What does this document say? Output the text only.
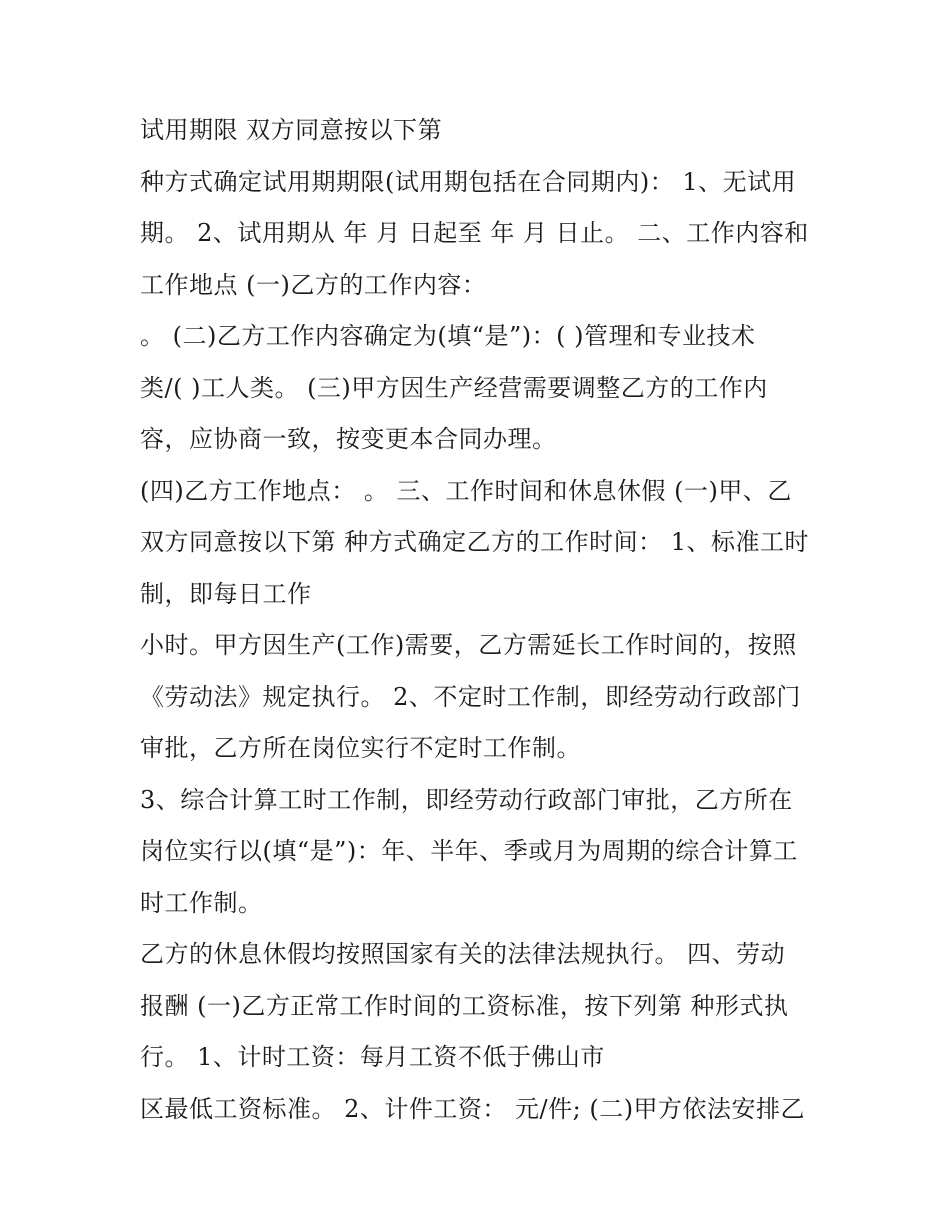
试用期限 双方同意按以下第
种方式确定试用期期限(试用期包括在合同期内)： 1、无试用
期。 2、试用期从 年 月 日起至 年 月 日止。 二、工作内容和
工作地点 (一)乙方的工作内容：
。 (二)乙方工作内容确定为(填“是”)：( )管理和专业技术
类/( )工人类。 (三)甲方因生产经营需要调整乙方的工作内
容，应协商一致，按变更本合同办理。
(四)乙方工作地点： 。 三、工作时间和休息休假 (一)甲、乙
双方同意按以下第 种方式确定乙方的工作时间： 1、标准工时
制，即每日工作
小时。甲方因生产(工作)需要，乙方需延长工作时间的，按照
《劳动法》规定执行。 2、不定时工作制，即经劳动行政部门
审批，乙方所在岗位实行不定时工作制。
3、综合计算工时工作制，即经劳动行政部门审批，乙方所在
岗位实行以(填“是”)：年、半年、季或月为周期的综合计算工
时工作制。
乙方的休息休假均按照国家有关的法律法规执行。 四、劳动
报酬 (一)乙方正常工作时间的工资标准，按下列第 种形式执
行。 1、计时工资：每月工资不低于佛山市
区最低工资标准。 2、计件工资： 元/件; (二)甲方依法安排乙
